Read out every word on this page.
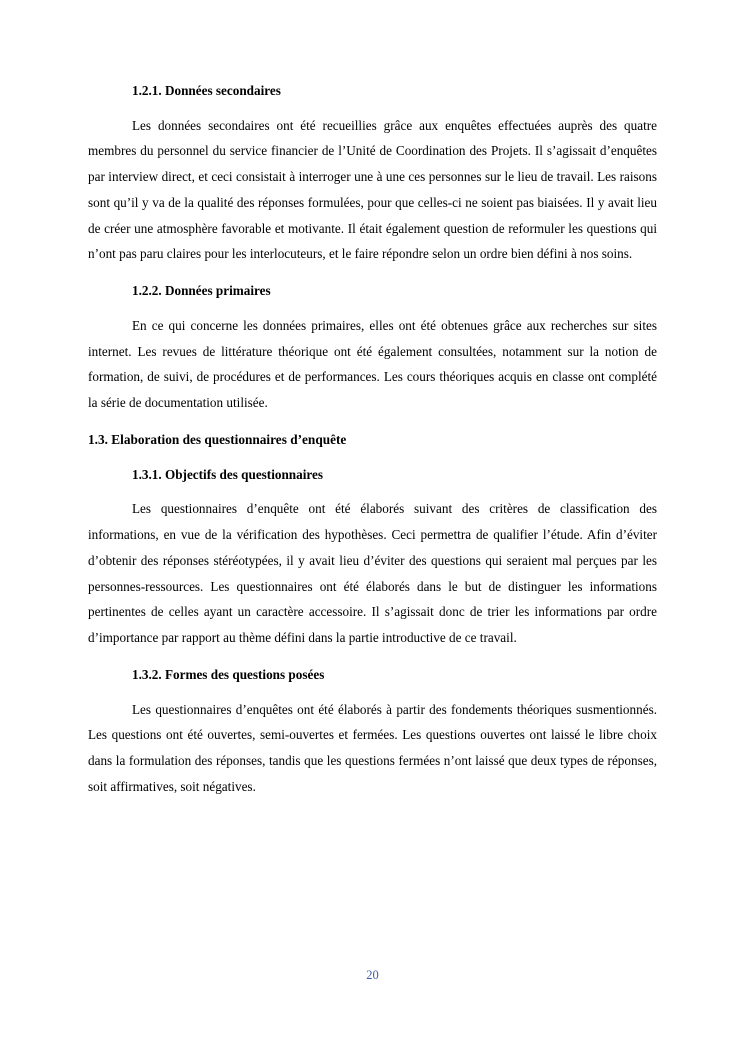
1.2.1. Données secondaires

Les données secondaires ont été recueillies grâce aux enquêtes effectuées auprès des quatre membres du personnel du service financier de l’Unité de Coordination des Projets. Il s’agissait d’enquêtes par interview direct, et ceci consistait à interroger une à une ces personnes sur le lieu de travail. Les raisons sont qu’il y va de la qualité des réponses formulées, pour que celles-ci ne soient pas biaisées. Il y avait lieu de créer une atmosphère favorable et motivante. Il était également question de reformuler les questions qui n’ont pas paru claires pour les interlocuteurs, et le faire répondre selon un ordre bien défini à nos soins.

1.2.2. Données primaires

En ce qui concerne les données primaires, elles ont été obtenues grâce aux recherches sur sites internet. Les revues de littérature théorique ont été également consultées, notamment sur la notion de formation, de suivi, de procédures et de performances. Les cours théoriques acquis en classe ont complété la série de documentation utilisée.

1.3. Elaboration des questionnaires d’enquête
1.3.1. Objectifs des questionnaires

Les questionnaires d’enquête ont été élaborés suivant des critères de classification des informations, en vue de la vérification des hypothèses. Ceci permettra de qualifier l’étude. Afin d’éviter d’obtenir des réponses stéréotypées, il y avait lieu d’éviter des questions qui seraient mal perçues par les personnes-ressources. Les questionnaires ont été élaborés dans le but de distinguer les informations pertinentes de celles ayant un caractère accessoire. Il s’agissait donc de trier les informations par ordre d’importance par rapport au thème défini dans la partie introductive de ce travail.

1.3.2. Formes des questions posées

Les questionnaires d’enquêtes ont été élaborés à partir des fondements théoriques susmentionnés. Les questions ont été ouvertes, semi-ouvertes et fermées. Les questions ouvertes ont laissé le libre choix dans la formulation des réponses, tandis que les questions fermées n’ont laissé que deux types de réponses, soit affirmatives, soit négatives.

20
